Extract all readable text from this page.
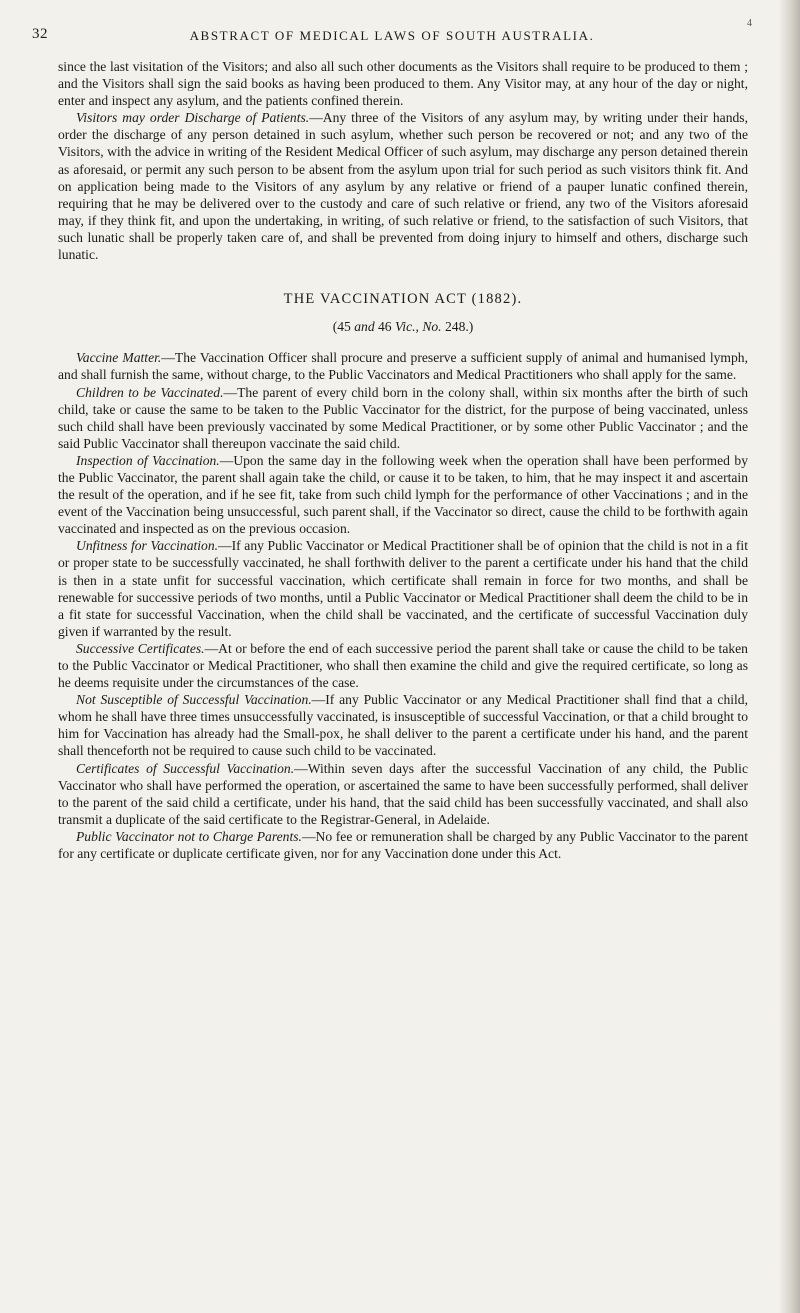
32	ABSTRACT OF MEDICAL LAWS OF SOUTH AUSTRALIA.
4

since the last visitation of the Visitors; and also all such other documents as the Visitors shall require to be produced to them ; and the Visitors shall sign the said books as having been produced to them. Any Visitor may, at any hour of the day or night, enter and inspect any asylum, and the patients confined therein.

Visitors may order Discharge of Patients.—Any three of the Visitors of any asylum may, by writing under their hands, order the discharge of any person detained in such asylum, whether such person be recovered or not; and any two of the Visitors, with the advice in writing of the Resident Medical Officer of such asylum, may discharge any person detained therein as aforesaid, or permit any such person to be absent from the asylum upon trial for such period as such visitors think fit. And on application being made to the Visitors of any asylum by any relative or friend of a pauper lunatic confined therein, requiring that he may be delivered over to the custody and care of such relative or friend, any two of the Visitors aforesaid may, if they think fit, and upon the undertaking, in writing, of such relative or friend, to the satisfaction of such Visitors, that such lunatic shall be properly taken care of, and shall be prevented from doing injury to himself and others, discharge such lunatic.

THE VACCINATION ACT (1882).
(45 and 46 Vic., No. 248.)

Vaccine Matter.—The Vaccination Officer shall procure and preserve a sufficient supply of animal and humanised lymph, and shall furnish the same, without charge, to the Public Vaccinators and Medical Practitioners who shall apply for the same.

Children to be Vaccinated.—The parent of every child born in the colony shall, within six months after the birth of such child, take or cause the same to be taken to the Public Vaccinator for the district, for the purpose of being vaccinated, unless such child shall have been previously vaccinated by some Medical Practitioner, or by some other Public Vaccinator ; and the said Public Vaccinator shall thereupon vaccinate the said child.

Inspection of Vaccination.—Upon the same day in the following week when the operation shall have been performed by the Public Vaccinator, the parent shall again take the child, or cause it to be taken, to him, that he may inspect it and ascertain the result of the operation, and if he see fit, take from such child lymph for the performance of other Vaccinations ; and in the event of the Vaccination being unsuccessful, such parent shall, if the Vaccinator so direct, cause the child to be forthwith again vaccinated and inspected as on the previous occasion.

Unfitness for Vaccination.—If any Public Vaccinator or Medical Practitioner shall be of opinion that the child is not in a fit or proper state to be successfully vaccinated, he shall forthwith deliver to the parent a certificate under his hand that the child is then in a state unfit for successful vaccination, which certificate shall remain in force for two months, and shall be renewable for successive periods of two months, until a Public Vaccinator or Medical Practitioner shall deem the child to be in a fit state for successful Vaccination, when the child shall be vaccinated, and the certificate of successful Vaccination duly given if warranted by the result.

Successive Certificates.—At or before the end of each successive period the parent shall take or cause the child to be taken to the Public Vaccinator or Medical Practitioner, who shall then examine the child and give the required certificate, so long as he deems requisite under the circumstances of the case.

Not Susceptible of Successful Vaccination.—If any Public Vaccinator or any Medical Practitioner shall find that a child, whom he shall have three times unsuccessfully vaccinated, is insusceptible of successful Vaccination, or that a child brought to him for Vaccination has already had the Small-pox, he shall deliver to the parent a certificate under his hand, and the parent shall thenceforth not be required to cause such child to be vaccinated.

Certificates of Successful Vaccination.—Within seven days after the successful Vaccination of any child, the Public Vaccinator who shall have performed the operation, or ascertained the same to have been successfully performed, shall deliver to the parent of the said child a certificate, under his hand, that the said child has been successfully vaccinated, and shall also transmit a duplicate of the said certificate to the Registrar-General, in Adelaide.

Public Vaccinator not to Charge Parents.—No fee or remuneration shall be charged by any Public Vaccinator to the parent for any certificate or duplicate certificate given, nor for any Vaccination done under this Act.
